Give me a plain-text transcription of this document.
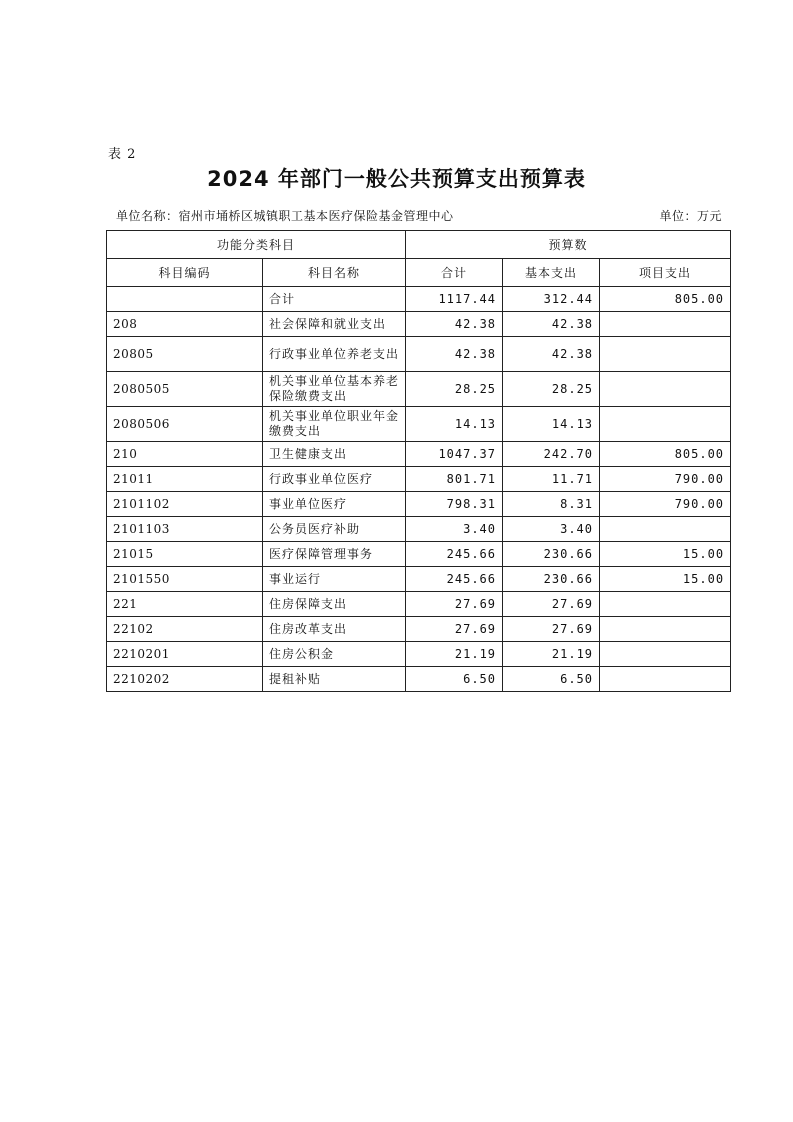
表 2
2024 年部门一般公共预算支出预算表
单位名称：宿州市埇桥区城镇职工基本医疗保险基金管理中心	单位：万元
功能分类科目		预算数		
科目编码	科目名称	合计	基本支出	项目支出
	合计	1117.44	312.44	805.00
208	社会保障和就业支出	42.38	42.38	
20805	行政事业单位养老支出	42.38	42.38	
2080505	机关事业单位基本养老保险缴费支出	28.25	28.25	
2080506	机关事业单位职业年金缴费支出	14.13	14.13	
210	卫生健康支出	1047.37	242.70	805.00
21011	行政事业单位医疗	801.71	11.71	790.00
2101102	事业单位医疗	798.31	8.31	790.00
2101103	公务员医疗补助	3.40	3.40	
21015	医疗保障管理事务	245.66	230.66	15.00
2101550	事业运行	245.66	230.66	15.00
221	住房保障支出	27.69	27.69	
22102	住房改革支出	27.69	27.69	
2210201	住房公积金	21.19	21.19	
2210202	提租补贴	6.50	6.50	
